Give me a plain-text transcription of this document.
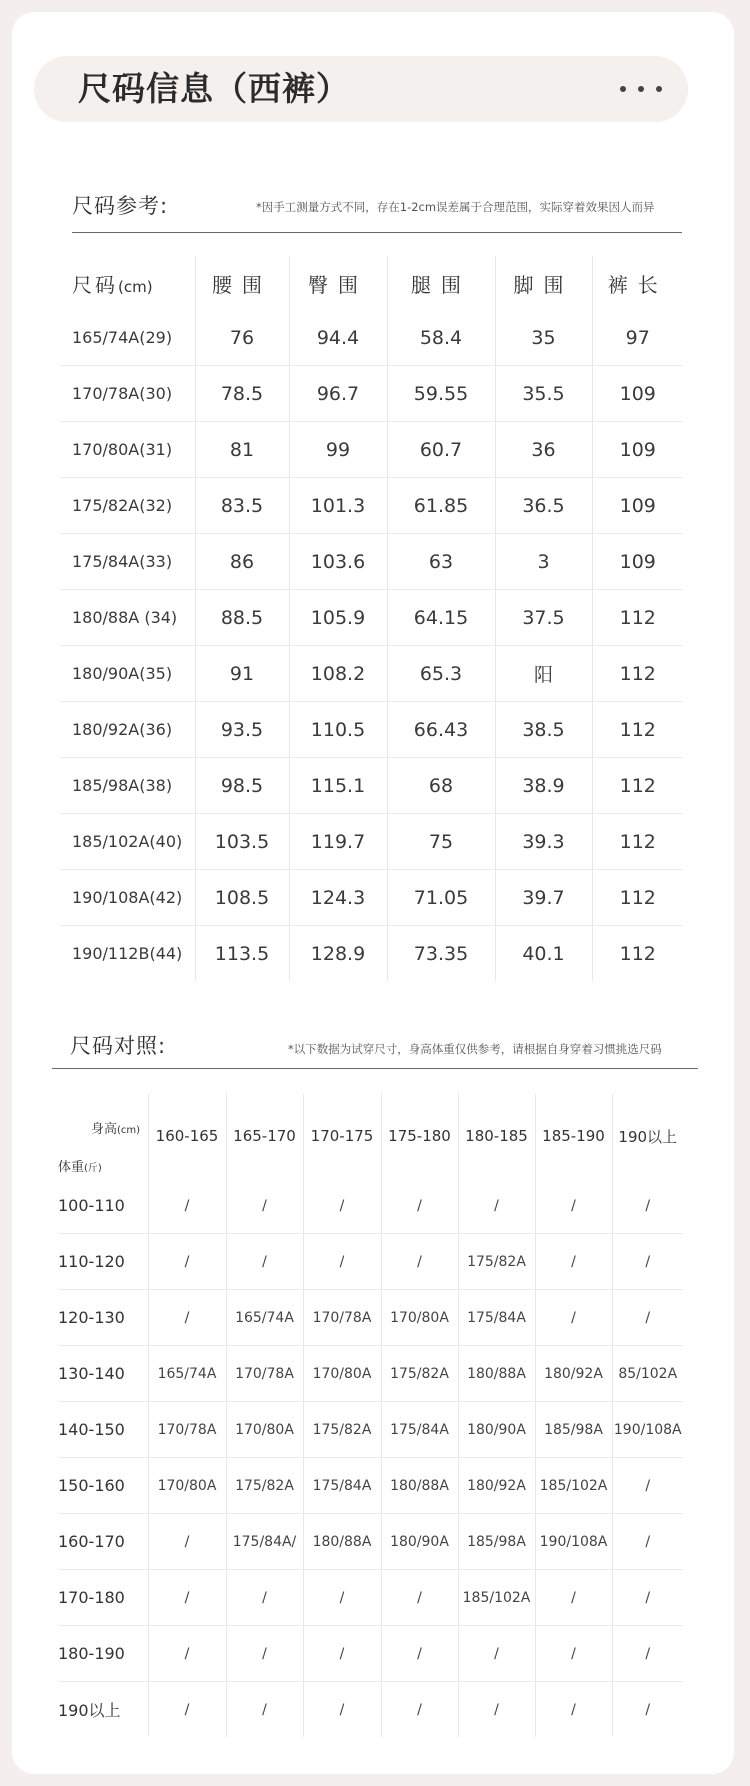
尺码信息（西裤）
尺码参考:	*因手工测量方式不同，存在1-2cm误差属于合理范围，实际穿着效果因人而异
尺码(cm)	腰围	臀围	腿围	脚围	裤长
165/74A(29)	76	94.4	58.4	35	97
170/78A(30)	78.5	96.7	59.55	35.5	109
170/80A(31)	81	99	60.7	36	109
175/82A(32)	83.5	101.3	61.85	36.5	109
175/84A(33)	86	103.6	63	3	109
180/88A (34)	88.5	105.9	64.15	37.5	112
180/90A(35)	91	108.2	65.3	阳	112
180/92A(36)	93.5	110.5	66.43	38.5	112
185/98A(38)	98.5	115.1	68	38.9	112
185/102A(40)	103.5	119.7	75	39.3	112
190/108A(42)	108.5	124.3	71.05	39.7	112
190/112B(44)	113.5	128.9	73.35	40.1	112
尺码对照:	*以下数据为试穿尺寸，身高体重仅供参考，请根据自身穿着习惯挑选尺码
身高(cm)
体重(斤)	160-165	165-170	170-175	175-180	180-185	185-190	190以上
100-110	/	/	/	/	/	/	/
110-120	/	/	/	/	175/82A	/	/
120-130	/	165/74A	170/78A	170/80A	175/84A	/	/
130-140	165/74A	170/78A	170/80A	175/82A	180/88A	180/92A	85/102A
140-150	170/78A	170/80A	175/82A	175/84A	180/90A	185/98A	190/108A
150-160	170/80A	175/82A	175/84A	180/88A	180/92A	185/102A	/
160-170	/	175/84A/	180/88A	180/90A	185/98A	190/108A	/
170-180	/	/	/	/	185/102A	/	/
180-190	/	/	/	/	/	/	/
190以上	/	/	/	/	/	/	/
